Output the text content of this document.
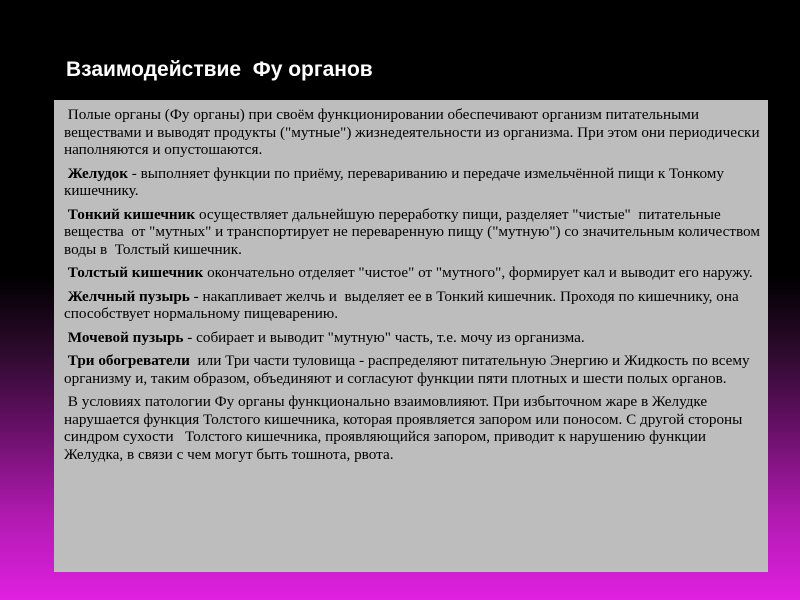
Взаимодействие  Фу органов

Полые органы (Фу органы) при своём функционировании обеспечивают организм питательными веществами и выводят продукты ("мутные") жизнедеятельности из организма. При этом они периодически наполняются и опустошаются.

Желудок - выполняет функции по приёму, перевариванию и передаче измельчённой пищи к Тонкому кишечнику.

Тонкий кишечник осуществляет дальнейшую переработку пищи, разделяет "чистые"  питательные вещества  от "мутных" и транспортирует не переваренную пищу ("мутную") со значительным количеством воды в  Толстый кишечник.

Толстый кишечник окончательно отделяет "чистое" от "мутного", формирует кал и выводит его наружу.

Желчный пузырь - накапливает желчь и  выделяет ее в Тонкий кишечник. Проходя по кишечнику, она способствует нормальному пищеварению.

Мочевой пузырь - собирает и выводит "мутную" часть, т.е. мочу из организма.

Три обогреватели  или Три части туловища - распределяют питательную Энергию и Жидкость по всему организму и, таким образом, объединяют и согласуют функции пяти плотных и шести полых органов.

В условиях патологии Фу органы функционально взаимовлияют. При избыточном жаре в Желудке нарушается функция Толстого кишечника, которая проявляется запором или поносом. С другой стороны синдром сухости   Толстого кишечника, проявляющийся запором, приводит к нарушению функции Желудка, в связи с чем могут быть тошнота, рвота.
